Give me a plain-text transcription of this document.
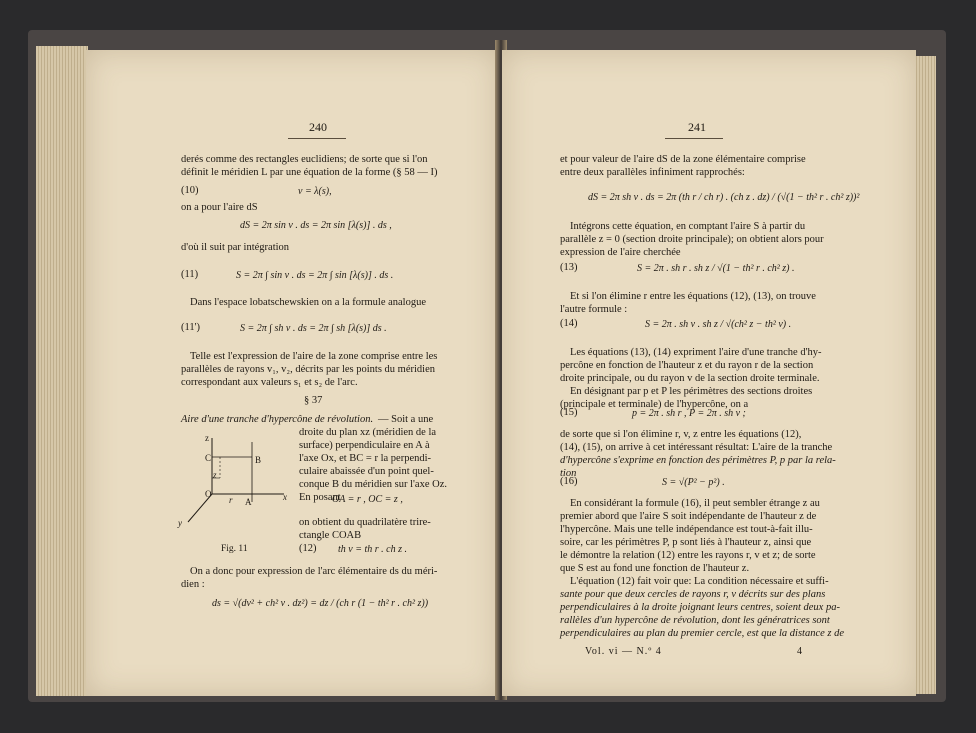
240
derés comme des rectangles euclidiens; de sorte que si l'on
définit le méridien L par une équation de la forme (§ 58 — I)
(10)	v = λ(s),
on a pour l'aire dS
dS = 2π sin v . ds = 2π sin [λ(s)] . ds ,
d'où il suit par intégration
(11)	S = 2π ∫ sin v . ds = 2π ∫ sin [λ(s)] . ds .
Dans l'espace lobatschewskien on a la formule analogue
(11')	S = 2π ∫ sh v . ds = 2π ∫ sh [λ(s)] ds .
Telle est l'expression de l'aire de la zone comprise entre les
parallèles de rayons v₁, v₂, décrits par les points du méridien
correspondant aux valeurs s₁ et s₂ de l'arc.
§ 37
Aire d'une tranche d'hypercône de révolution. — Soit a une
droite du plan xz (méridien de la
surface) perpendiculaire en A à
l'axe Ox, et BC = r la perpendi-
culaire abaissée d'un point quel-
conque B du méridien sur l'axe Oz.
En posant
OA = r , OC = z ,
on obtient du quadrilatère trire-
ctangle COAB
z
C	B
O
r A	x
y
z
Fig. 11	(12) th v = th r . ch z .
On a donc pour expression de l'arc élémentaire ds du méri-
dien :
ds = √(dv² + ch² v . dz²) = dz / (ch r (1 − th² r . ch² z))
241
et pour valeur de l'aire dS de la zone élémentaire comprise
entre deux parallèles infiniment rapprochés:
dS = 2π sh v . ds = 2π (th r / ch r) . (ch z . dz) / (√(1 − th² r . ch² z))²
Intégrons cette équation, en comptant l'aire S à partir du
parallèle z = 0 (section droite principale); on obtient alors pour
expression de l'aire cherchée
(13)	S = 2π . sh r . sh z / √(1 − th² r . ch² z) .
Et si l'on élimine r entre les équations (12), (13), on trouve
l'autre formule :
(14)	S = 2π . sh v . sh z / √(ch² z − th² v) .
Les équations (13), (14) expriment l'aire d'une tranche d'hy-
percône en fonction de l'hauteur z et du rayon r de la section
droite principale, ou du rayon v de la section droite terminale.
En désignant par p et P les périmètres des sections droites
(principale et terminale) de l'hypercône, on a
(15)	p = 2π . sh r , P = 2π . sh v ;
de sorte que si l'on élimine r, v, z entre les équations (12),
(14), (15), on arrive à cet intéressant résultat: L'aire de la tranche
d'hypercône s'exprime en fonction des périmètres P, p par la rela-
tion
(16)	S = √(P² − p²) .
En considérant la formule (16), il peut sembler étrange z au
premier abord que l'aire S soit indépendante de l'hauteur z de
l'hypercône. Mais une telle indépendance est tout-à-fait illu-
soire, car les périmètres P, p sont liés à l'hauteur z, ainsi que
le démontre la relation (12) entre les rayons r, v et z; de sorte
que S est au fond une fonction de l'hauteur z.
L'équation (12) fait voir que: La condition nécessaire et suffi-
sante pour que deux cercles de rayons r, v décrits sur des plans
perpendiculaires à la droite joignant leurs centres, soient deux pa-
rallèles d'un hypercône de révolution, dont les génératrices sont
perpendiculaires au plan du premier cercle, est que la distance z de
Vol. vi — N.º 4	4
